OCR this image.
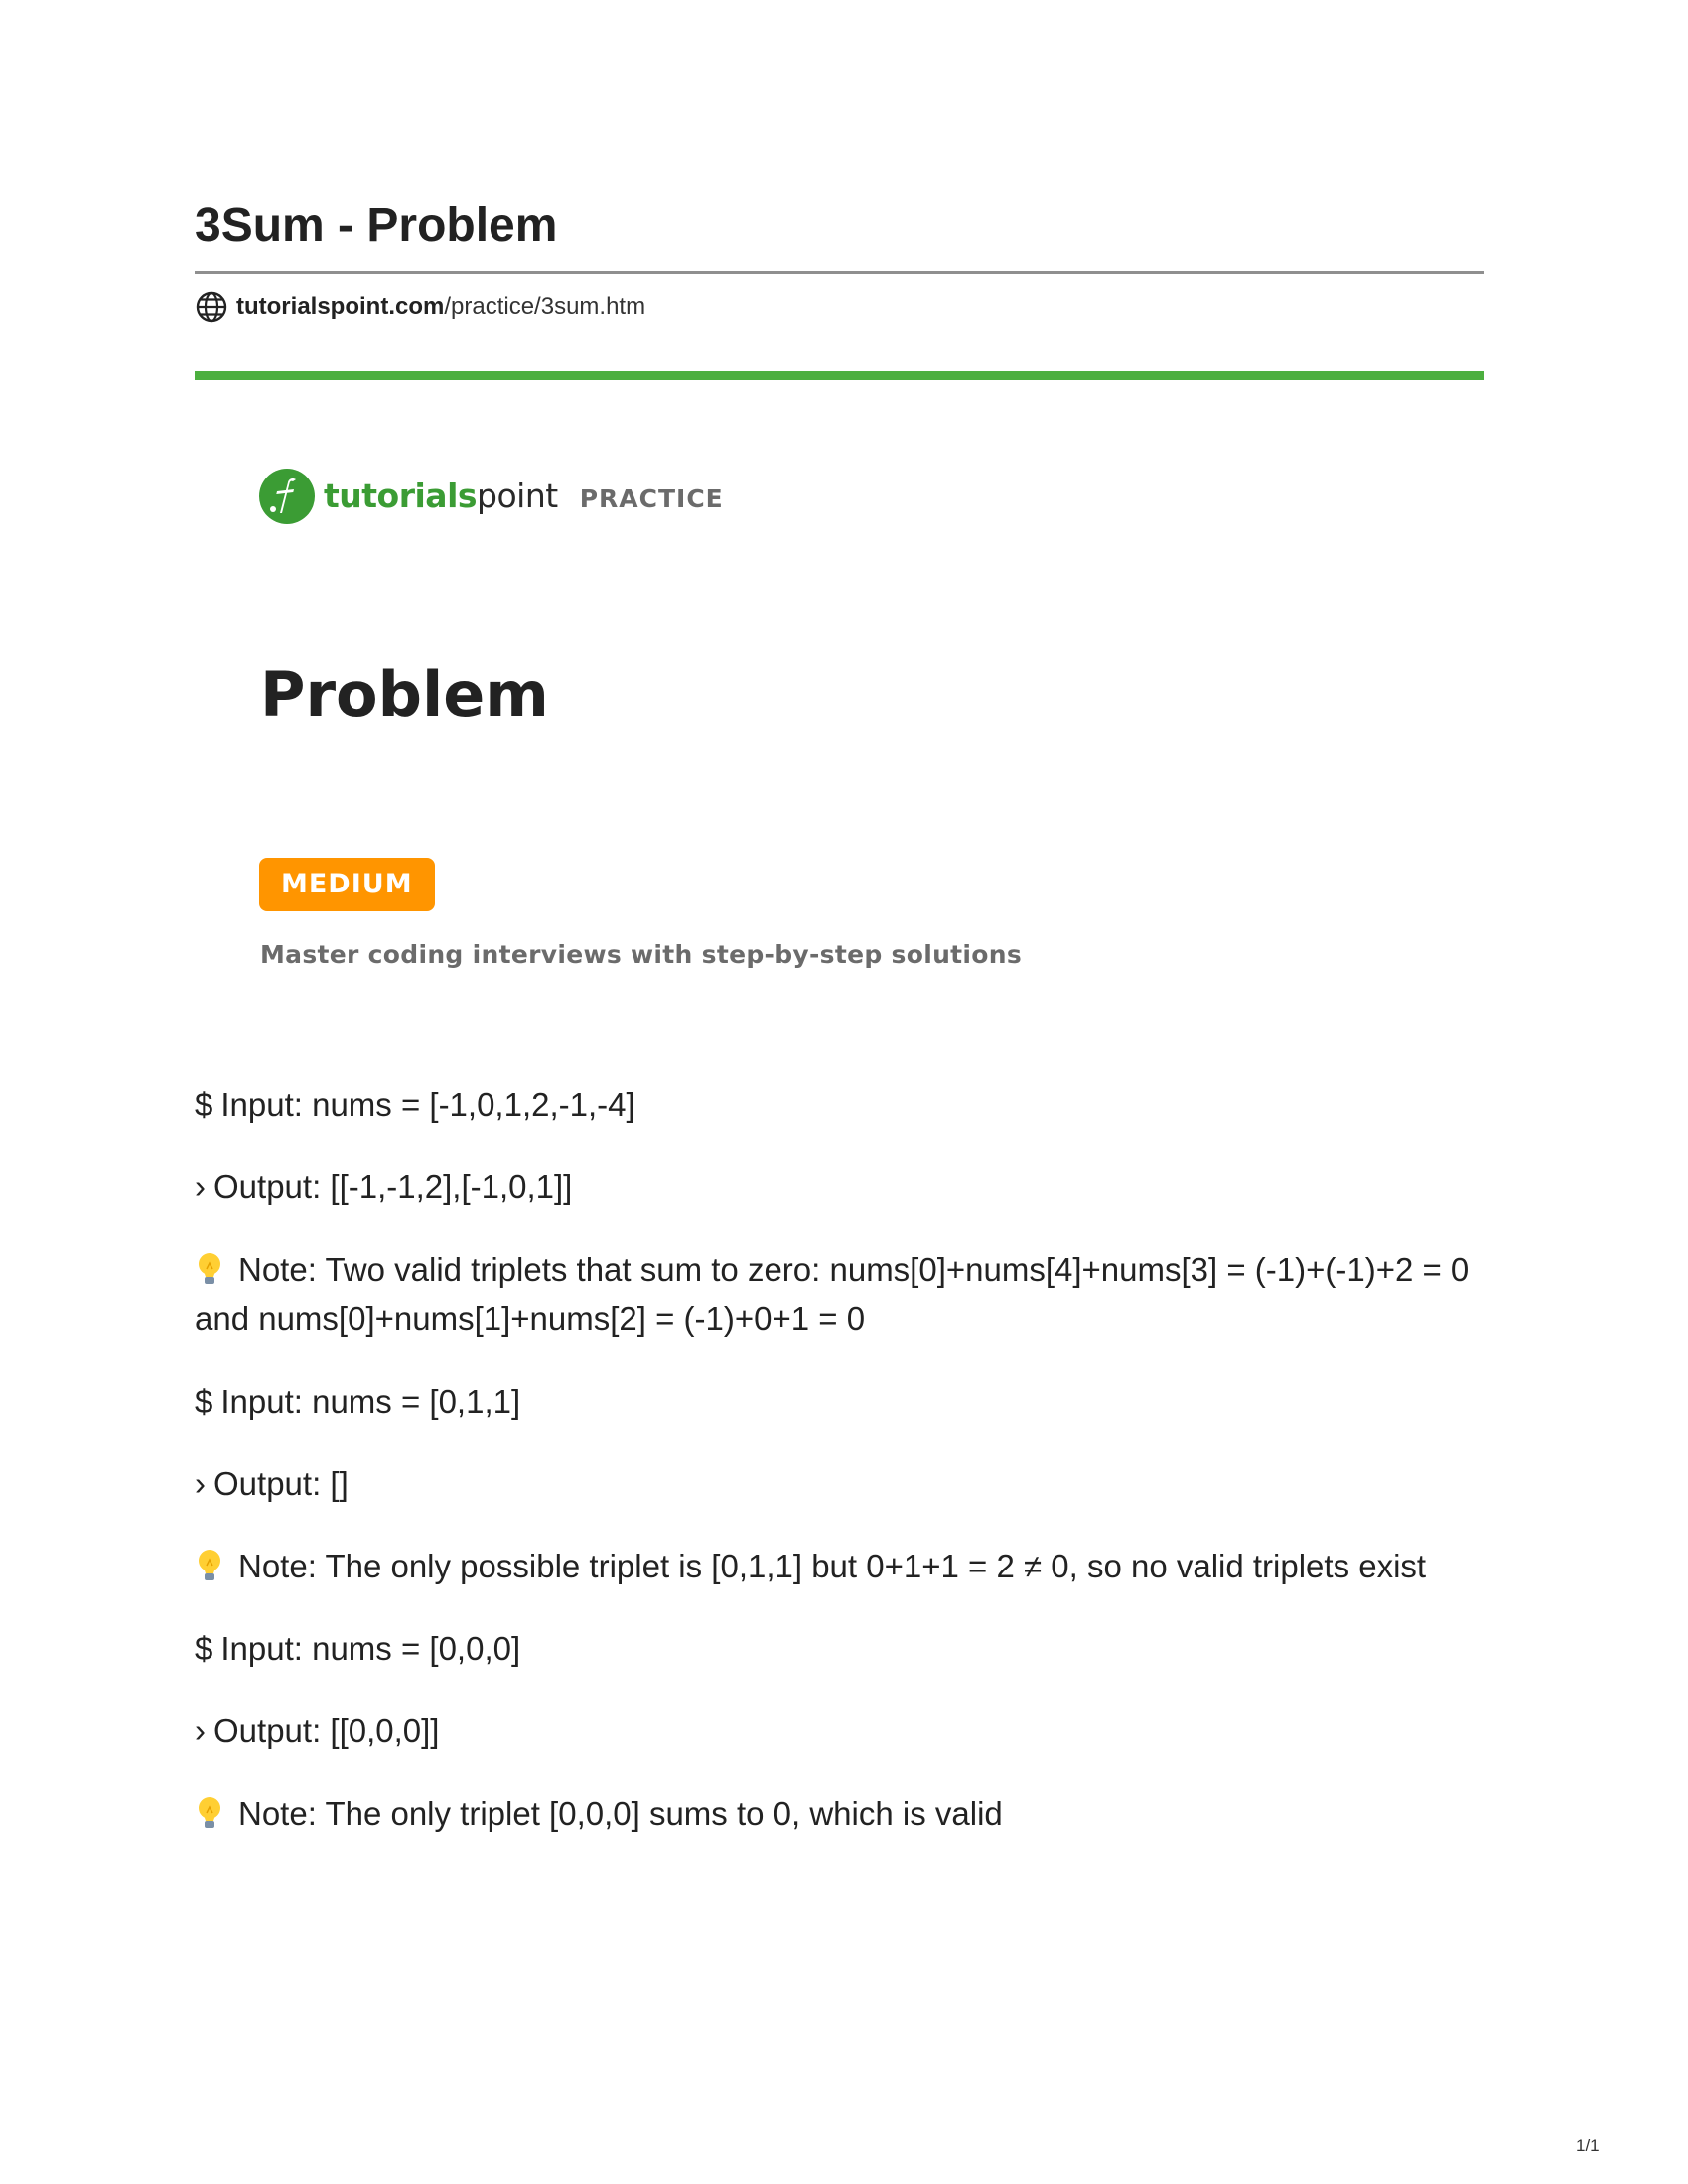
3Sum - Problem
tutorialspoint.com /practice/3sum.htm
tutorialspoint PRACTICE
Problem
MEDIUM
Master coding interviews with step-by-step solutions

$ Input: nums = [-1,0,1,2,-1,-4]

› Output: [[-1,-1,2],[-1,0,1]]

Note: Two valid triplets that sum to zero: nums[0]+nums[4]+nums[3] = (-1)+(-1)+2 = 0 and nums[0]+nums[1]+nums[2] = (-1)+0+1 = 0

$ Input: nums = [0,1,1]

› Output: []

Note: The only possible triplet is [0,1,1] but 0+1+1 = 2 ≠ 0, so no valid triplets exist

$ Input: nums = [0,0,0]

› Output: [[0,0,0]]

Note: The only triplet [0,0,0] sums to 0, which is valid

1/1
